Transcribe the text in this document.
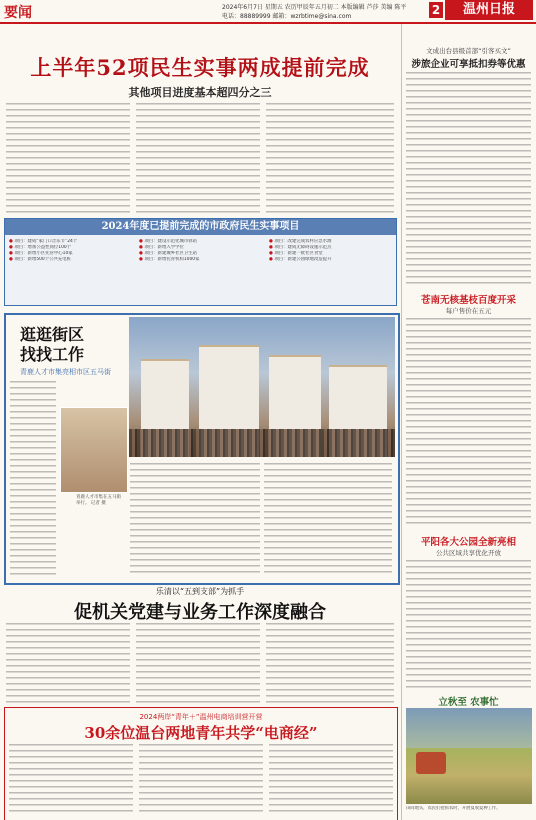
要闻	2024年6月7日 星期五 农历甲辰年五月初二 本版编辑 芦莎 美编 陈平
电话：88889999 邮箱：wzrbtime@sina.com	2	温州日报
上半年52项民生实事两成提前完成
其他项目进度基本超四分之三
2024年度已提前完成的市政府民生实事项目
● 项目：建成“家门口音乐节”24个
● 项目：增加公益性岗位100个
● 项目：新增小区托管中心10家
● 项目：新增500个公共充电桩
● 项目：建设示范化城市驿站
● 项目：新增入学学位
● 项目：新建城乡社区卫生站
● 项目：新增托育机构1000家
● 项目：改建完成农村应急水源
● 项目：建成无障碍设施示范点
● 项目：新建一批社区食堂
● 项目：新建公园绿地改造提升
逛逛街区
找找工作
青鹿人才市集亮相市区五马街
青鹿人才市集在五马街举行。 记者 摄
乐清以“五到支部”为抓手
促机关党建与业务工作深度融合
2024两岸“青年＋”温州电商培训营开营
30余位温台两地青年共学“电商经”
文成出台县级首部“引客买文”
涉旅企业可享抵扣券等优惠
苍南无核基枝百度开采
每户售价在五元
平阳各大公园全新亮相
公共区域共享优化开放
立秋至 农事忙
田间地头，农民们抢抓农时，开展夏收夏种工作。
